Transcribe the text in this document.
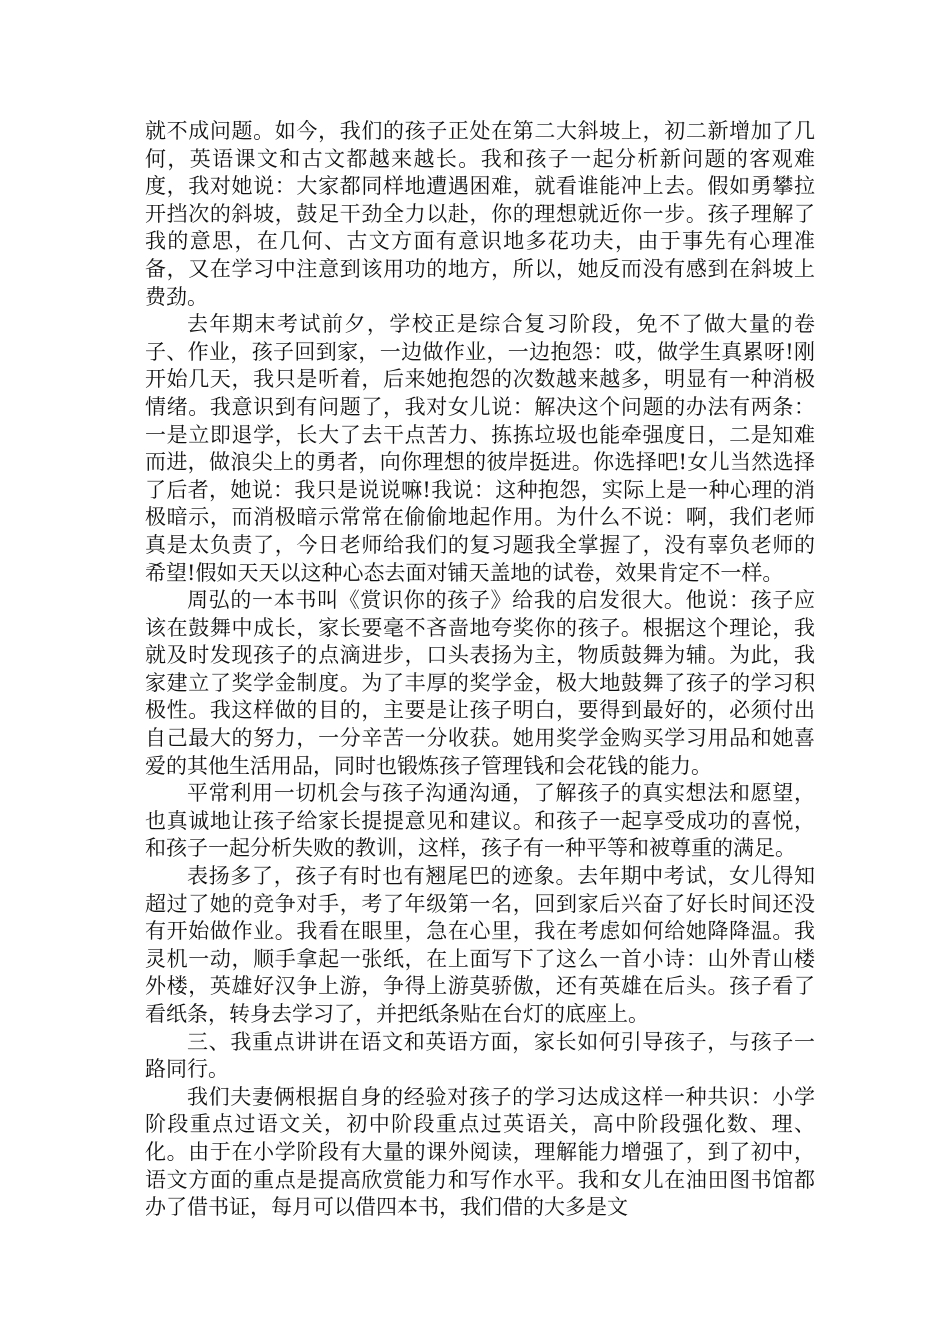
就不成问题。如今，我们的孩子正处在第二大斜坡上，初二新增加了几何，英语课文和古文都越来越长。我和孩子一起分析新问题的客观难度，我对她说：大家都同样地遭遇困难，就看谁能冲上去。假如勇攀拉开挡次的斜坡，鼓足干劲全力以赴，你的理想就近你一步。孩子理解了我的意思，在几何、古文方面有意识地多花功夫，由于事先有心理准备，又在学习中注意到该用功的地方，所以，她反而没有感到在斜坡上费劲。

去年期末考试前夕，学校正是综合复习阶段，免不了做大量的卷子、作业，孩子回到家，一边做作业，一边抱怨：哎，做学生真累呀!刚开始几天，我只是听着，后来她抱怨的次数越来越多，明显有一种消极情绪。我意识到有问题了，我对女儿说：解决这个问题的办法有两条：一是立即退学，长大了去干点苦力、拣拣垃圾也能牵强度日，二是知难而进，做浪尖上的勇者，向你理想的彼岸挺进。你选择吧!女儿当然选择了后者，她说：我只是说说嘛!我说：这种抱怨，实际上是一种心理的消极暗示，而消极暗示常常在偷偷地起作用。为什么不说：啊，我们老师真是太负责了，今日老师给我们的复习题我全掌握了，没有辜负老师的希望!假如天天以这种心态去面对铺天盖地的试卷，效果肯定不一样。

周弘的一本书叫《赏识你的孩子》给我的启发很大。他说：孩子应该在鼓舞中成长，家长要毫不吝啬地夸奖你的孩子。根据这个理论，我就及时发现孩子的点滴进步，口头表扬为主，物质鼓舞为辅。为此，我家建立了奖学金制度。为了丰厚的奖学金，极大地鼓舞了孩子的学习积极性。我这样做的目的，主要是让孩子明白，要得到最好的，必须付出自己最大的努力，一分辛苦一分收获。她用奖学金购买学习用品和她喜爱的其他生活用品，同时也锻炼孩子管理钱和会花钱的能力。

平常利用一切机会与孩子沟通沟通，了解孩子的真实想法和愿望，也真诚地让孩子给家长提提意见和建议。和孩子一起享受成功的喜悦，和孩子一起分析失败的教训，这样，孩子有一种平等和被尊重的满足。

表扬多了，孩子有时也有翘尾巴的迹象。去年期中考试，女儿得知超过了她的竞争对手，考了年级第一名，回到家后兴奋了好长时间还没有开始做作业。我看在眼里，急在心里，我在考虑如何给她降降温。我灵机一动，顺手拿起一张纸，在上面写下了这么一首小诗：山外青山楼外楼，英雄好汉争上游，争得上游莫骄傲，还有英雄在后头。孩子看了看纸条，转身去学习了，并把纸条贴在台灯的底座上。

三、我重点讲讲在语文和英语方面，家长如何引导孩子，与孩子一路同行。

我们夫妻俩根据自身的经验对孩子的学习达成这样一种共识：小学阶段重点过语文关，初中阶段重点过英语关，高中阶段强化数、理、化。由于在小学阶段有大量的课外阅读，理解能力增强了，到了初中，语文方面的重点是提高欣赏能力和写作水平。我和女儿在油田图书馆都办了借书证，每月可以借四本书，我们借的大多是文
